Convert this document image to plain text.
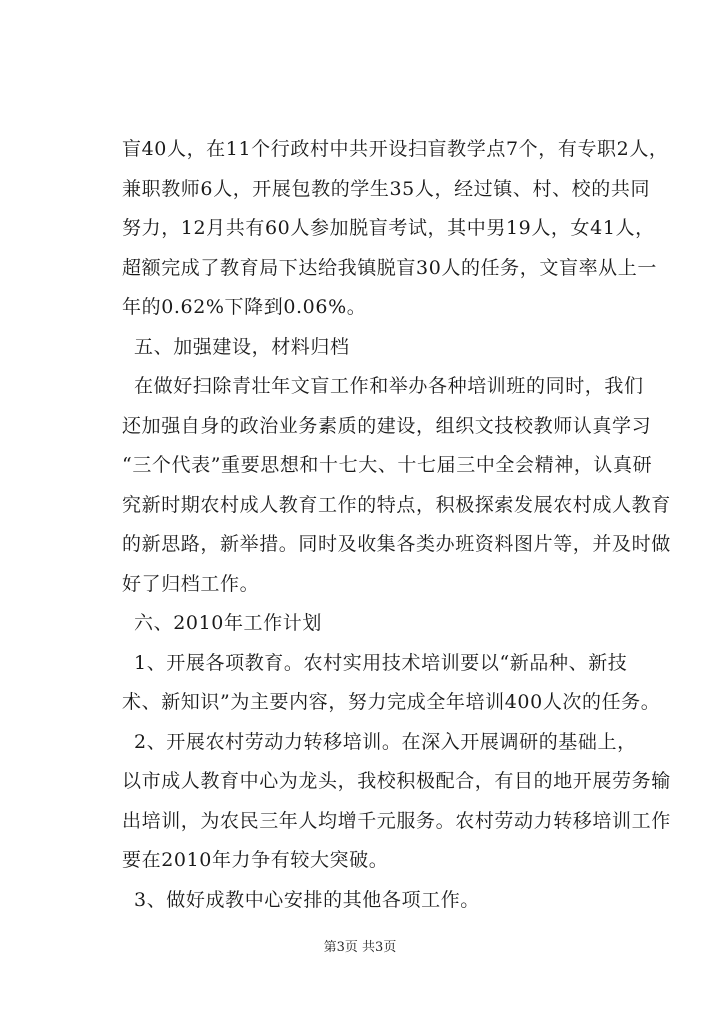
盲40人，在11个行政村中共开设扫盲教学点7个，有专职2人，
兼职教师6人，开展包教的学生35人，经过镇、村、校的共同
努力，12月共有60人参加脱盲考试，其中男19人，女41人，
超额完成了教育局下达给我镇脱盲30人的任务，文盲率从上一
年的0.62%下降到0.06%。
五、加强建设，材料归档
在做好扫除青壮年文盲工作和举办各种培训班的同时，我们
还加强自身的政治业务素质的建设，组织文技校教师认真学习
“三个代表”重要思想和十七大、十七届三中全会精神，认真研
究新时期农村成人教育工作的特点，积极探索发展农村成人教育
的新思路，新举措。同时及收集各类办班资料图片等，并及时做
好了归档工作。
六、2010年工作计划
1、开展各项教育。农村实用技术培训要以“新品种、新技
术、新知识”为主要内容，努力完成全年培训400人次的任务。
2、开展农村劳动力转移培训。在深入开展调研的基础上，
以市成人教育中心为龙头，我校积极配合，有目的地开展劳务输
出培训，为农民三年人均增千元服务。农村劳动力转移培训工作
要在2010年力争有较大突破。
3、做好成教中心安排的其他各项工作。
第3页 共3页
